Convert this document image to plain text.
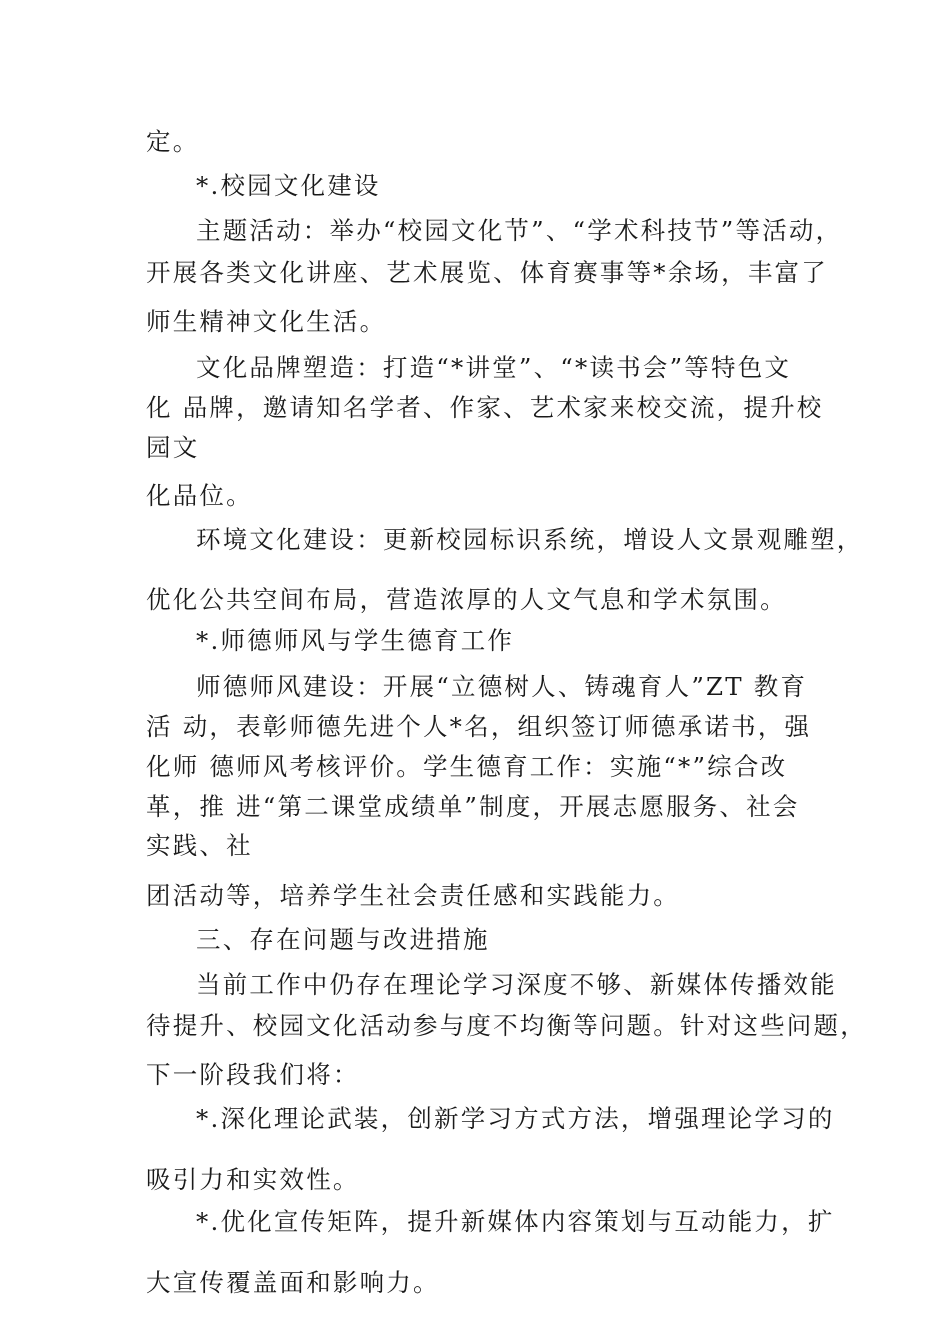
定。
*.校园文化建设
主题活动：举办“校园文化节”、“学术科技节”等活动，
开展各类文化讲座、艺术展览、体育赛事等*余场，丰富了
师生精神文化生活。
文化品牌塑造：打造“*讲堂”、“*读书会”等特色文
化 品牌，邀请知名学者、作家、艺术家来校交流，提升校
园文
化品位。
环境文化建设：更新校园标识系统，增设人文景观雕塑，
优化公共空间布局，营造浓厚的人文气息和学术氛围。
*.师德师风与学生德育工作
师德师风建设：开展“立德树人、铸魂育人”ZT 教育
活 动，表彰师德先进个人*名，组织签订师德承诺书，强
化师 德师风考核评价。学生德育工作：实施“*”综合改
革，推 进“第二课堂成绩单”制度，开展志愿服务、社会
实践、社
团活动等，培养学生社会责任感和实践能力。
三、存在问题与改进措施
当前工作中仍存在理论学习深度不够、新媒体传播效能
待提升、校园文化活动参与度不均衡等问题。针对这些问题，
下一阶段我们将：
*.深化理论武装，创新学习方式方法，增强理论学习的
吸引力和实效性。
*.优化宣传矩阵，提升新媒体内容策划与互动能力，扩
大宣传覆盖面和影响力。
